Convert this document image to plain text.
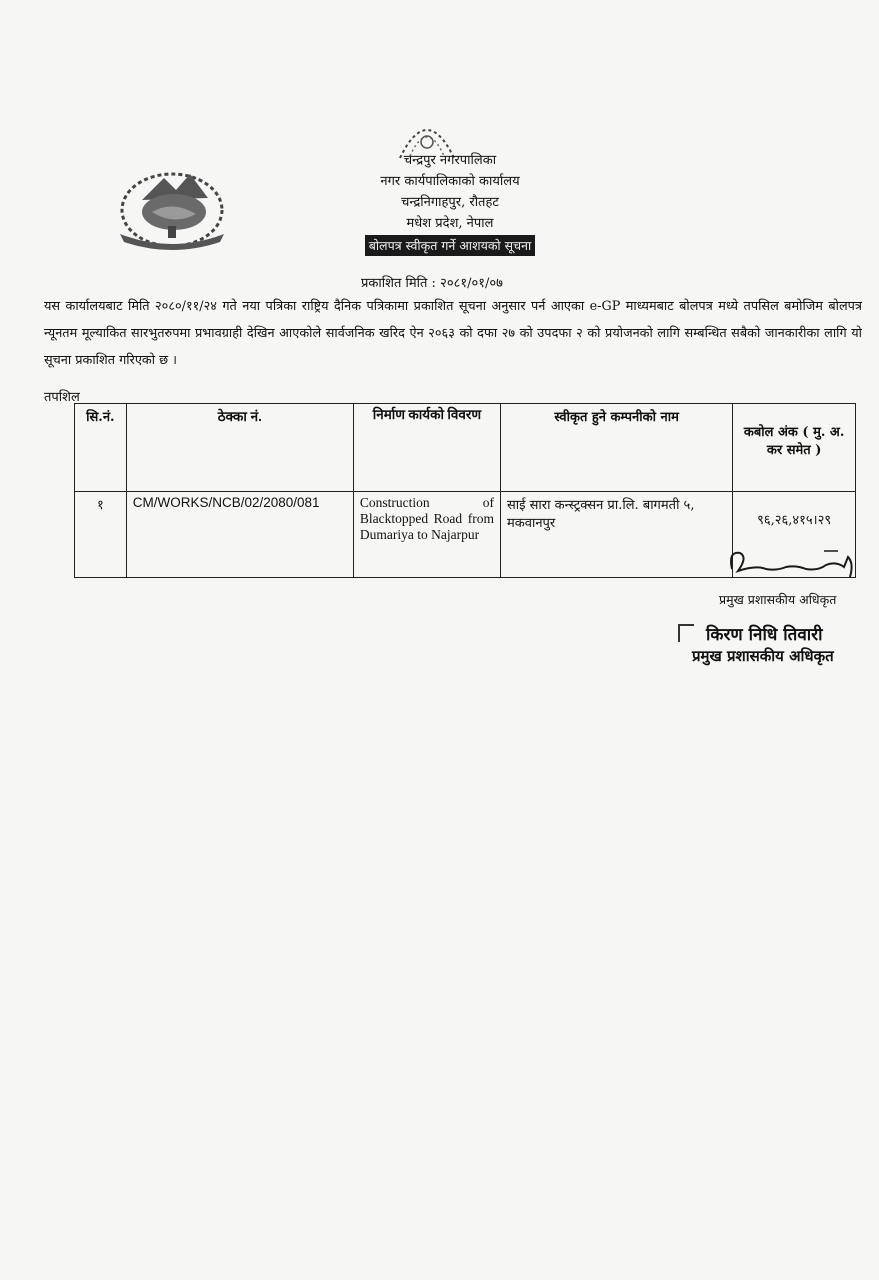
चन्द्रपुर नगरपालिका
नगर कार्यपालिकाको कार्यालय
चन्द्रनिगाहपुर, रौतहट
मधेश प्रदेश, नेपाल
बोलपत्र स्वीकृत गर्ने आशयको सूचना
प्रकाशित मिति : २०८१/०१/०७
यस कार्यालयबाट मिति २०८०/११/२४ गते नया पत्रिका राष्ट्रिय दैनिक पत्रिकामा प्रकाशित सूचना अनुसार पर्न आएका e-GP माध्यमबाट बोलपत्र मध्ये तपसिल बमोजिम बोलपत्र न्यूनतम मूल्याकित सारभुतरुपमा प्रभावग्राही देखिन आएकोले सार्वजनिक खरिद ऐन २०६३ को दफा २७ को उपदफा २ को प्रयोजनको लागि सम्बन्धित सबैको जानकारीका लागि यो सूचना प्रकाशित गरिएको छ ।
तपशिल
सि.नं.	ठेक्का नं.	निर्माण कार्यको विवरण	स्वीकृत हुने कम्पनीको नाम	कबोल अंक ( मु. अ. कर समेत )
१	CM/WORKS/NCB/02/2080/081	Construction of Blacktopped Road from Dumariya to Najarpur	साई सारा कन्स्ट्रक्सन प्रा.लि. बागमती ५, मकवानपुर	९६,२६,४१५।२९
प्रमुख प्रशासकीय अधिकृत
किरण निधि तिवारी
प्रमुख प्रशासकीय अधिकृत
